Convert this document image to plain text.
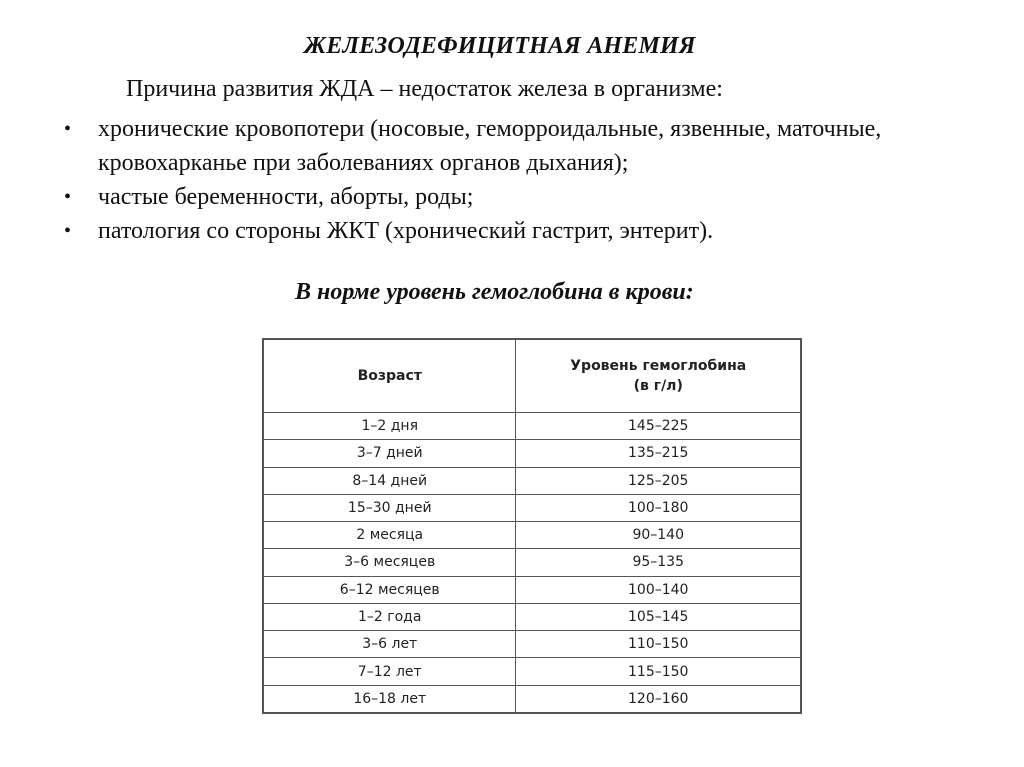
ЖЕЛЕЗОДЕФИЦИТНАЯ АНЕМИЯ
Причина развития ЖДА – недостаток железа в организме:
•	хронические кровопотери (носовые, геморроидальные, язвенные, маточные, кровохарканье при заболеваниях органов дыхания);
•	частые беременности, аборты, роды;
•	патология со стороны ЖКТ (хронический гастрит, энтерит).
В норме уровень гемоглобина в крови:
Возраст	Уровень гемоглобина
(в г/л)
1–2 дня	145–225
3–7 дней	135–215
8–14 дней	125–205
15–30 дней	100–180
2 месяца	90–140
3–6 месяцев	95–135
6–12 месяцев	100–140
1–2 года	105–145
3–6 лет	110–150
7–12 лет	115–150
16–18 лет	120–160
